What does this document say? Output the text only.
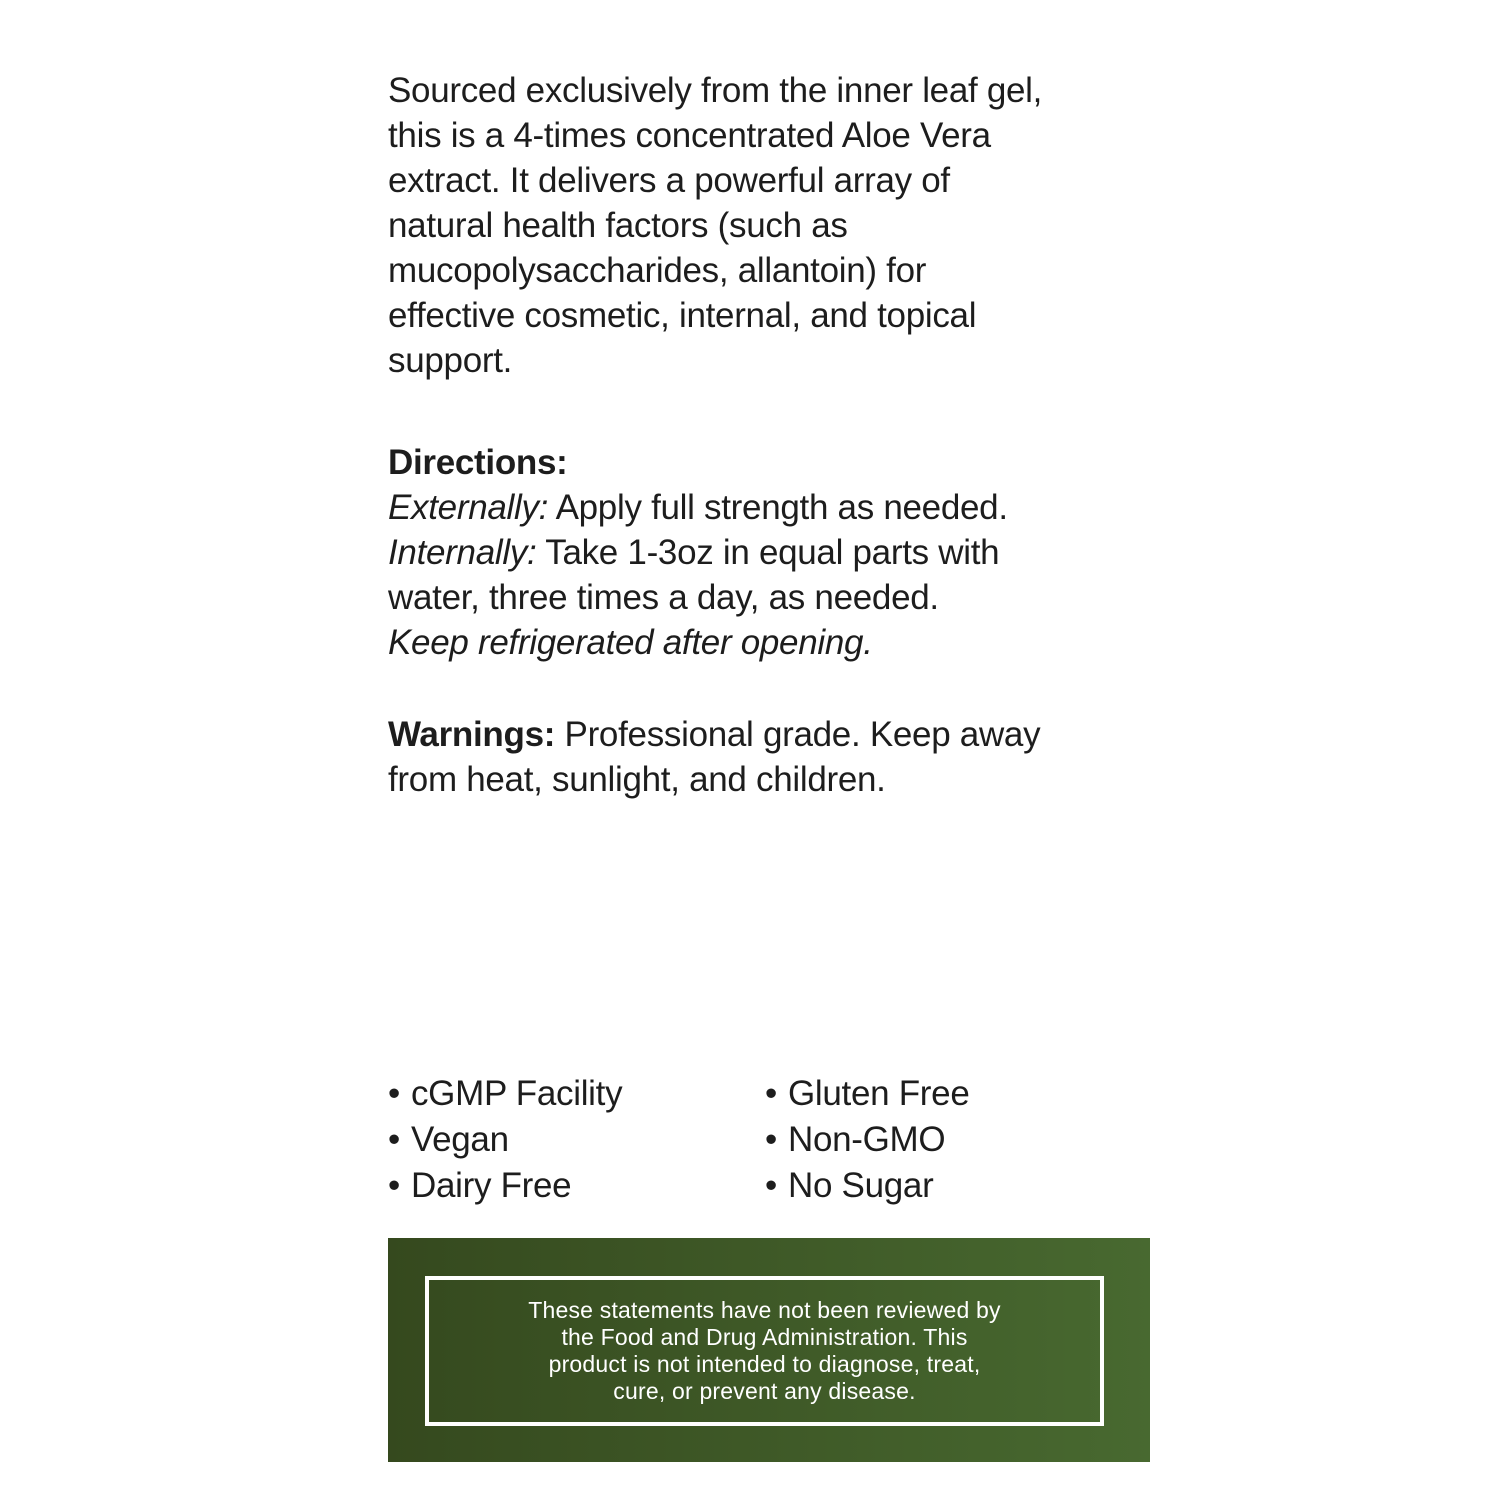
Sourced exclusively from the inner leaf gel,
this is a 4-times concentrated Aloe Vera
extract. It delivers a powerful array of
natural health factors (such as
mucopolysaccharides, allantoin) for
effective cosmetic, internal, and topical
support.
Directions:
Externally: Apply full strength as needed.
Internally: Take 1-3oz in equal parts with
water, three times a day, as needed.
Keep refrigerated after opening.
Warnings: Professional grade. Keep away
from heat, sunlight, and children.
• cGMP Facility
• Vegan
• Dairy Free
• Gluten Free
• Non-GMO
• No Sugar
These statements have not been reviewed by
the Food and Drug Administration. This
product is not intended to diagnose, treat,
cure, or prevent any disease.
